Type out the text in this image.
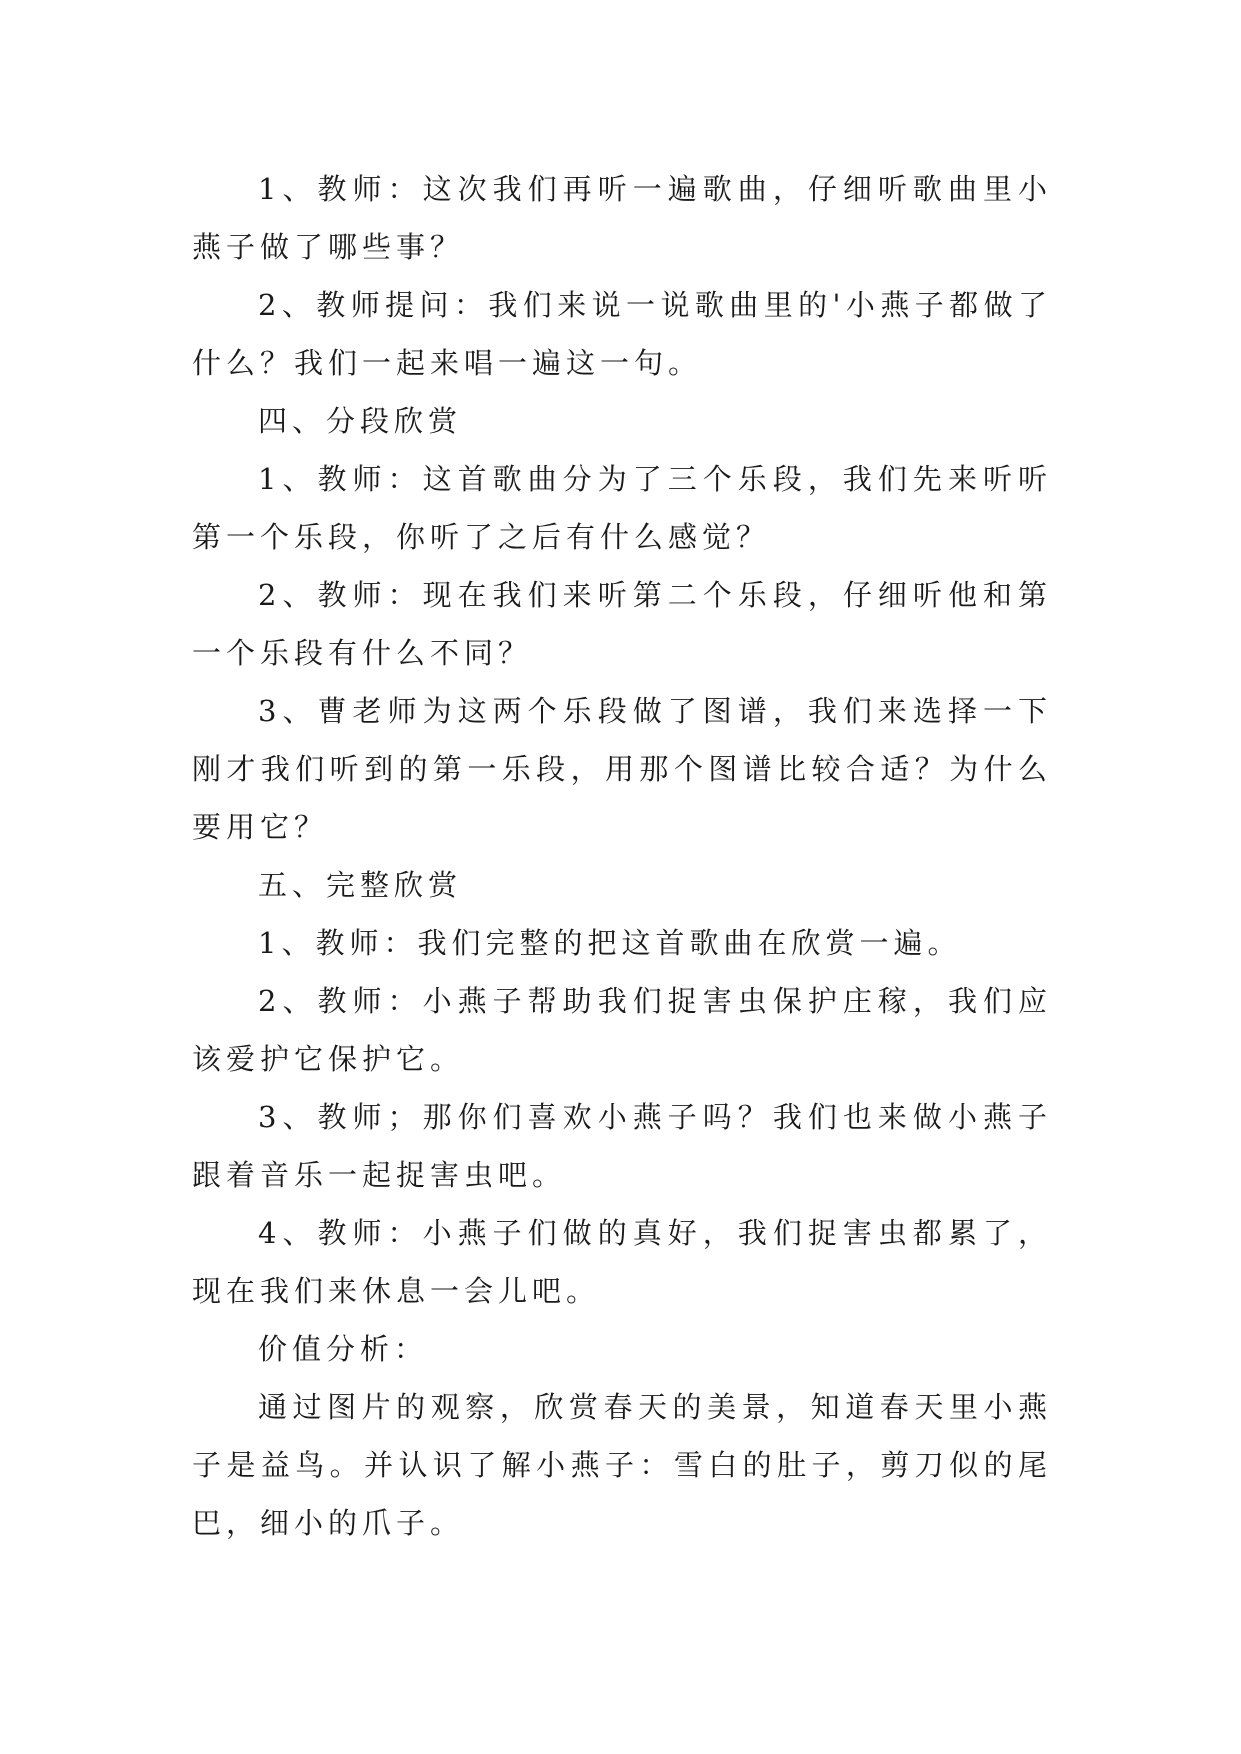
1、教师：这次我们再听一遍歌曲，仔细听歌曲里小燕子做了哪些事？

2、教师提问：我们来说一说歌曲里的'小燕子都做了什么？我们一起来唱一遍这一句。

四、分段欣赏

1、教师：这首歌曲分为了三个乐段，我们先来听听第一个乐段，你听了之后有什么感觉？

2、教师：现在我们来听第二个乐段，仔细听他和第一个乐段有什么不同？

3、曹老师为这两个乐段做了图谱，我们来选择一下刚才我们听到的第一乐段，用那个图谱比较合适？为什么要用它？

五、完整欣赏

1、教师：我们完整的把这首歌曲在欣赏一遍。

2、教师：小燕子帮助我们捉害虫保护庄稼，我们应该爱护它保护它。

3、教师；那你们喜欢小燕子吗？我们也来做小燕子跟着音乐一起捉害虫吧。

4、教师：小燕子们做的真好，我们捉害虫都累了，现在我们来休息一会儿吧。

价值分析：

通过图片的观察，欣赏春天的美景，知道春天里小燕子是益鸟。并认识了解小燕子：雪白的肚子，剪刀似的尾巴，细小的爪子。
